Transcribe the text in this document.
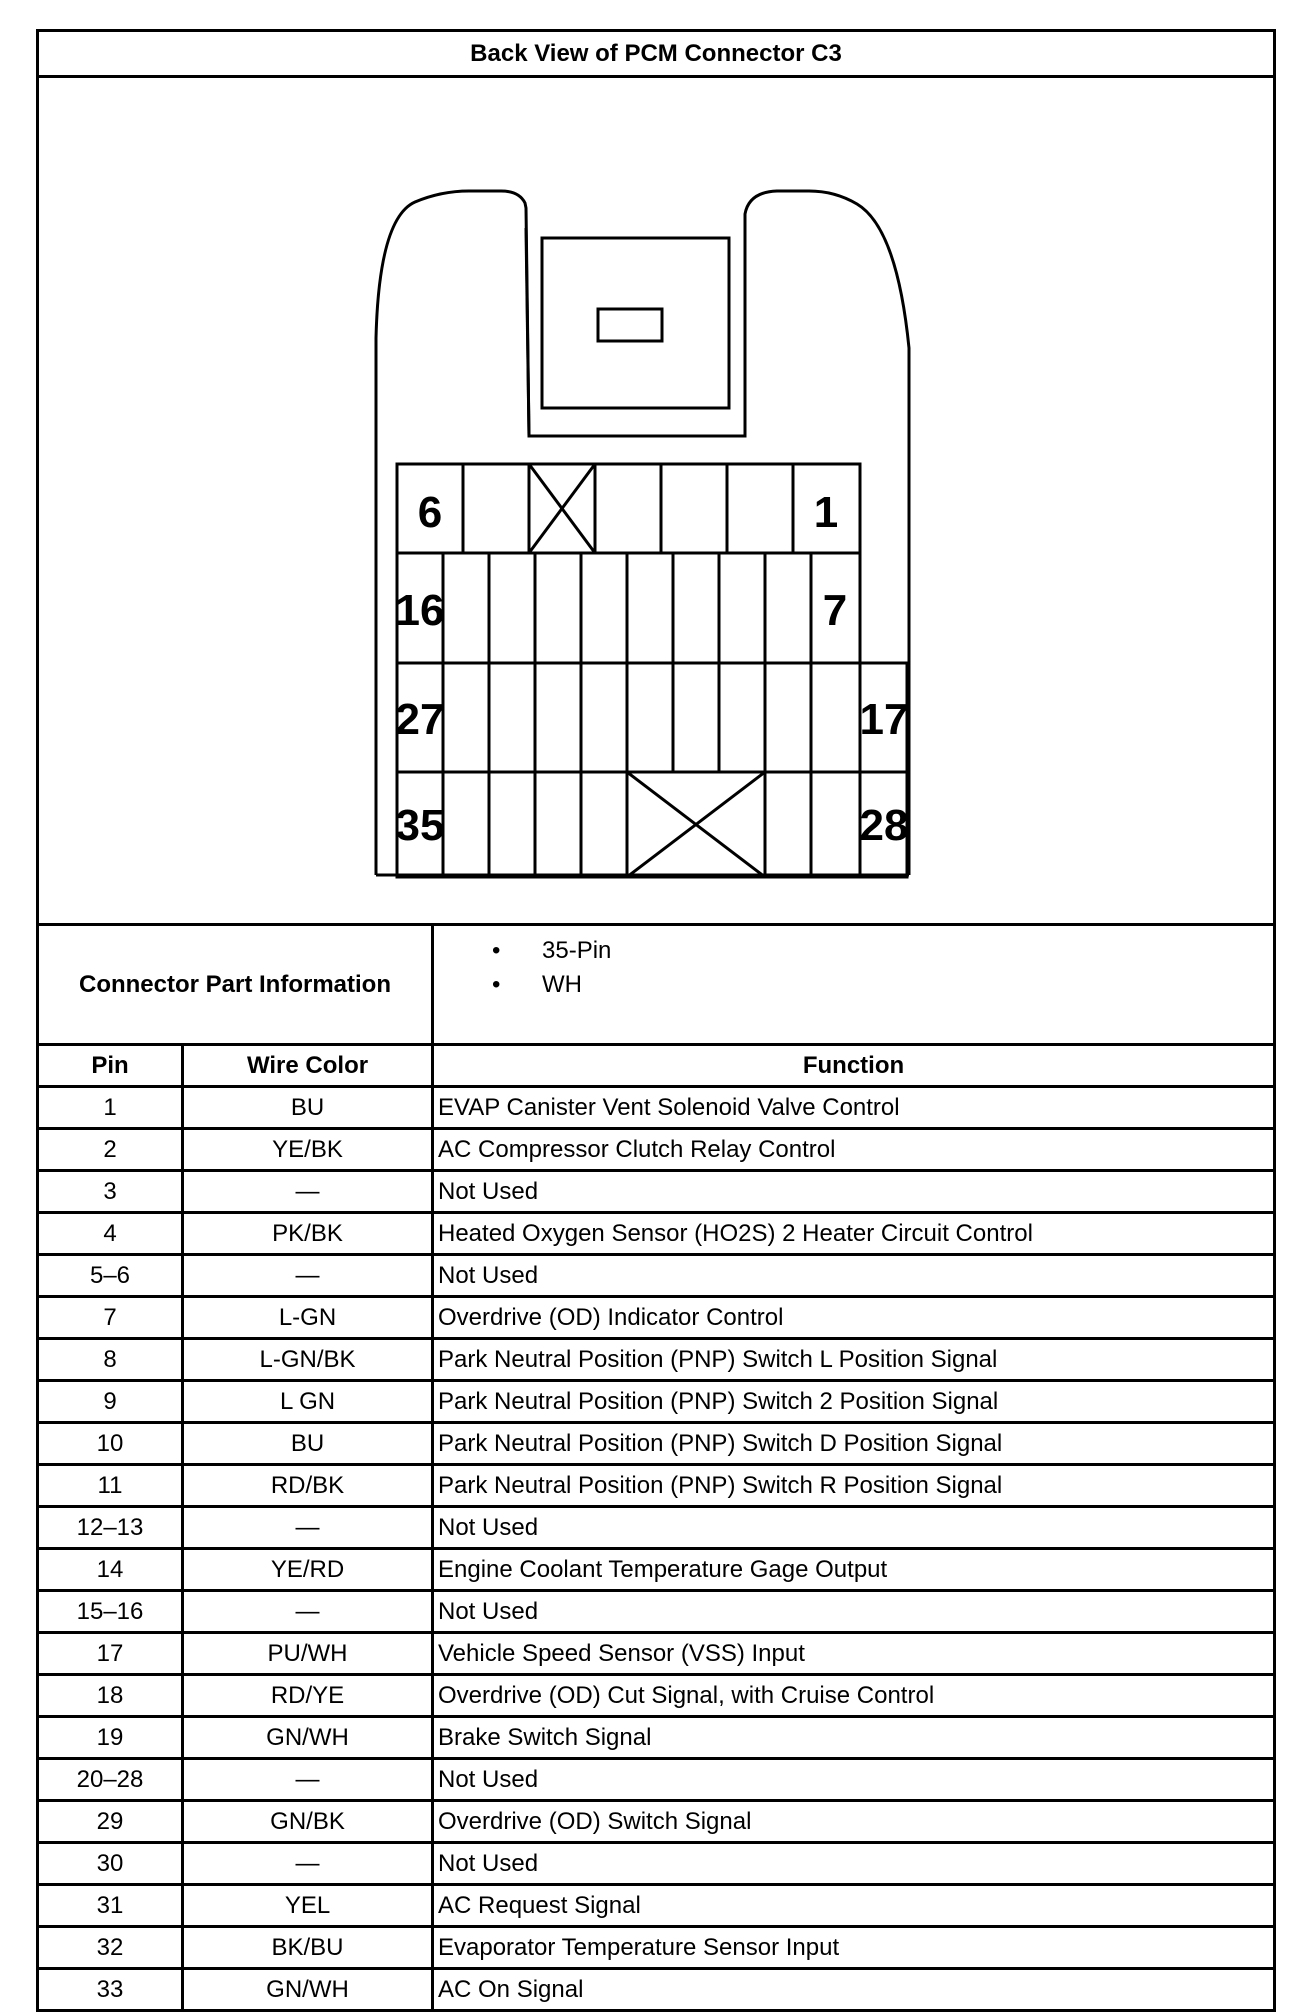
Back View of PCM Connector C3
6	1
16	7
27	17
35	28
Connector Part Information
• 35-Pin
• WH
Pin	Wire Color	Function
1	BU	EVAP Canister Vent Solenoid Valve Control
2	YE/BK	AC Compressor Clutch Relay Control
3	—	Not Used
4	PK/BK	Heated Oxygen Sensor (HO2S) 2 Heater Circuit Control
5–6	—	Not Used
7	L-GN	Overdrive (OD) Indicator Control
8	L-GN/BK	Park Neutral Position (PNP) Switch L Position Signal
9	L GN	Park Neutral Position (PNP) Switch 2 Position Signal
10	BU	Park Neutral Position (PNP) Switch D Position Signal
11	RD/BK	Park Neutral Position (PNP) Switch R Position Signal
12–13	—	Not Used
14	YE/RD	Engine Coolant Temperature Gage Output
15–16	—	Not Used
17	PU/WH	Vehicle Speed Sensor (VSS) Input
18	RD/YE	Overdrive (OD) Cut Signal, with Cruise Control
19	GN/WH	Brake Switch Signal
20–28	—	Not Used
29	GN/BK	Overdrive (OD) Switch Signal
30	—	Not Used
31	YEL	AC Request Signal
32	BK/BU	Evaporator Temperature Sensor Input
33	GN/WH	AC On Signal
